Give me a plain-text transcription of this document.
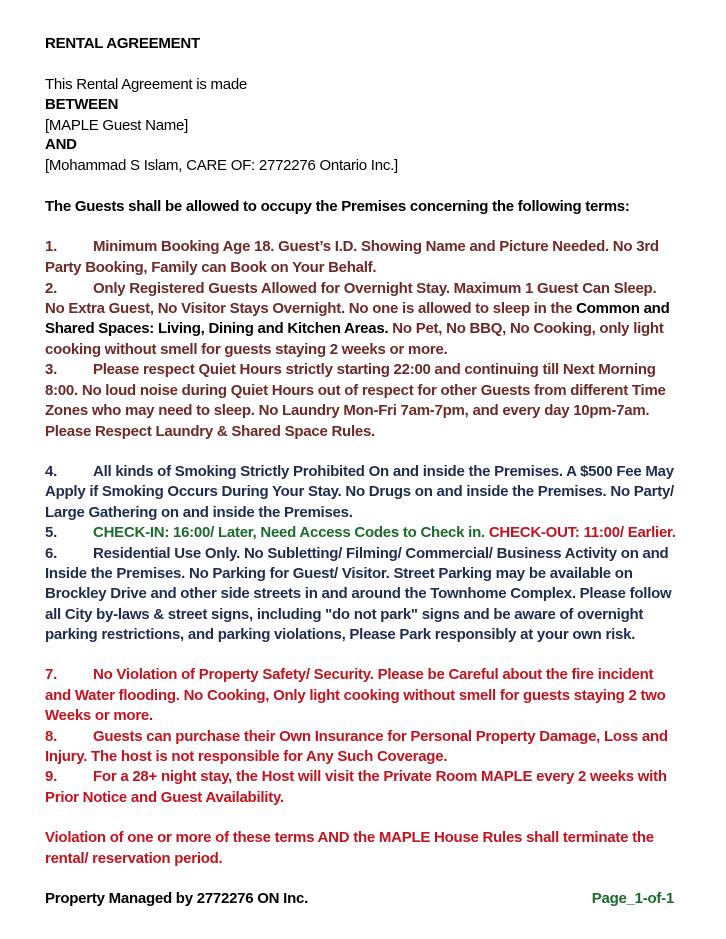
RENTAL AGREEMENT
This Rental Agreement is made
BETWEEN
[MAPLE Guest Name]
AND
[Mohammad S Islam, CARE OF: 2772276 Ontario Inc.]
The Guests shall be allowed to occupy the Premises concerning the following terms:
1. Minimum Booking Age 18. Guest’s I.D. Showing Name and Picture Needed. No 3rd
Party Booking, Family can Book on Your Behalf.
2. Only Registered Guests Allowed for Overnight Stay. Maximum 1 Guest Can Sleep.
No Extra Guest, No Visitor Stays Overnight. No one is allowed to sleep in the Common and
Shared Spaces: Living, Dining and Kitchen Areas. No Pet, No BBQ, No Cooking, only light
cooking without smell for guests staying 2 weeks or more.
3. Please respect Quiet Hours strictly starting 22:00 and continuing till Next Morning
8:00. No loud noise during Quiet Hours out of respect for other Guests from different Time
Zones who may need to sleep. No Laundry Mon-Fri 7am-7pm, and every day 10pm-7am.
Please Respect Laundry & Shared Space Rules.
4. All kinds of Smoking Strictly Prohibited On and inside the Premises. A $500 Fee May
Apply if Smoking Occurs During Your Stay. No Drugs on and inside the Premises. No Party/
Large Gathering on and inside the Premises.
5. CHECK-IN: 16:00/ Later, Need Access Codes to Check in. CHECK-OUT: 11:00/ Earlier.
6. Residential Use Only. No Subletting/ Filming/ Commercial/ Business Activity on and
Inside the Premises. No Parking for Guest/ Visitor. Street Parking may be available on
Brockley Drive and other side streets in and around the Townhome Complex. Please follow
all City by-laws & street signs, including "do not park" signs and be aware of overnight
parking restrictions, and parking violations, Please Park responsibly at your own risk.
7. No Violation of Property Safety/ Security. Please be Careful about the fire incident
and Water flooding. No Cooking, Only light cooking without smell for guests staying 2 two
Weeks or more.
8. Guests can purchase their Own Insurance for Personal Property Damage, Loss and
Injury. The host is not responsible for Any Such Coverage.
9. For a 28+ night stay, the Host will visit the Private Room MAPLE every 2 weeks with
Prior Notice and Guest Availability.
Violation of one or more of these terms AND the MAPLE House Rules shall terminate the
rental/ reservation period.
Property Managed by 2772276 ON Inc.	Page_1-of-1
